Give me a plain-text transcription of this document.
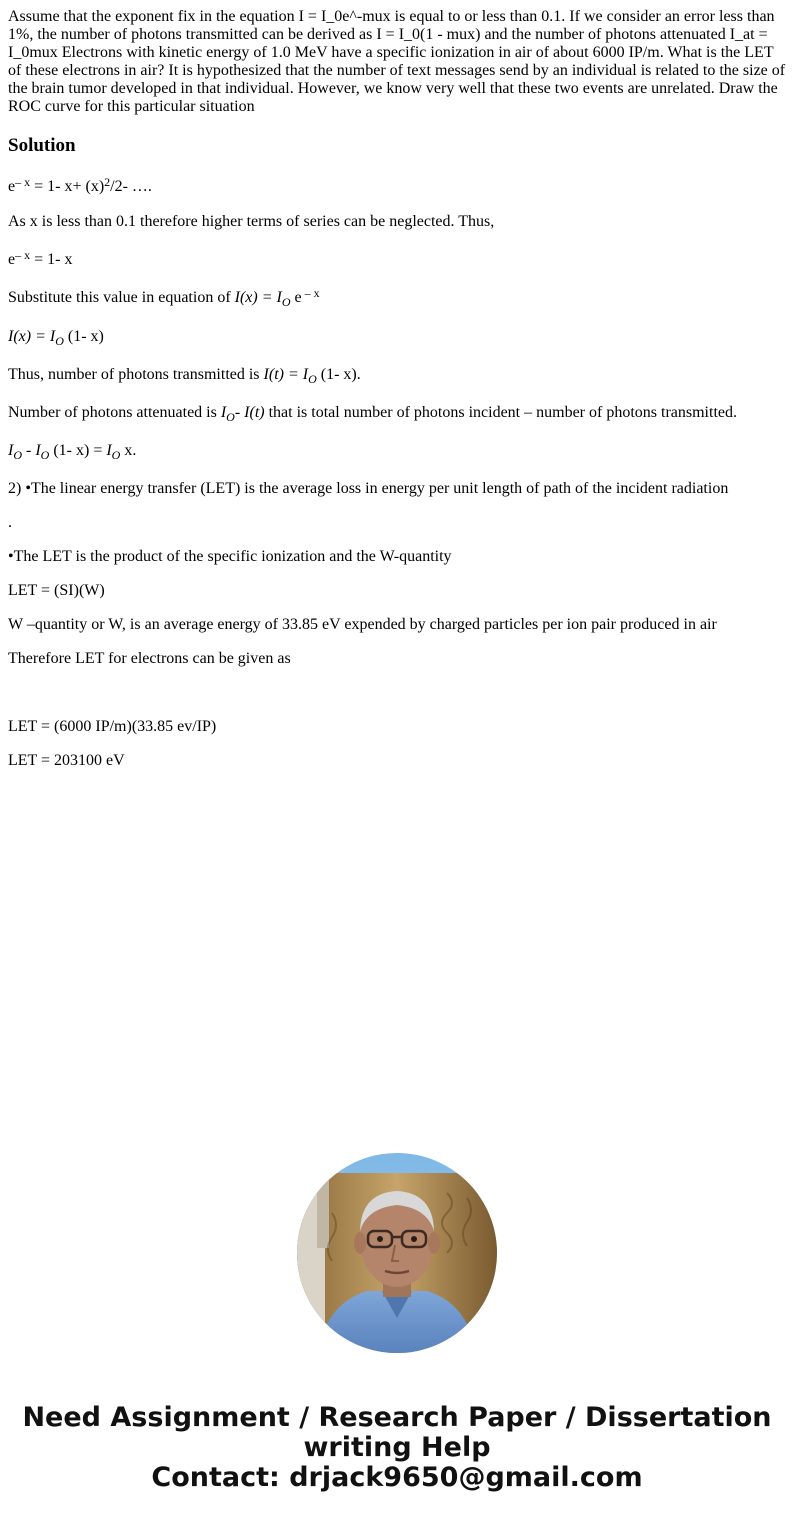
Assume that the exponent fix in the equation I = I_0e^-mux is equal to or less than 0.1. If we consider an error less than 1%, the number of photons transmitted can be derived as I = I_0(1 - mux) and the number of photons attenuated I_at = I_0mux Electrons with kinetic energy of 1.0 MeV have a specific ionization in air of about 6000 IP/m. What is the LET of these electrons in air? It is hypothesized that the number of text messages send by an individual is related to the size of the brain tumor developed in that individual. However, we know very well that these two events are unrelated. Draw the ROC curve for this particular situation

Solution

$e^{- x} = 1-$ $x+ (x)^2/2-$ ….

As x is less than 0.1 therefore higher terms of series can be neglected. Thus,

$e^{- x} = 1-$ x

Substitute this value in equation of $I(x) = I_O$ e $^{- x}$

$I(x) = I_O$ (1- x)

Thus, number of photons transmitted is $I(t) = I_O$ (1- x).

Number of photons attenuated is $I_O-$ I(t) that is total number of photons incident – number of photons transmitted.

$I_O - I_O$ (1- $x) = I_O$ x.

2) •The linear energy transfer (LET) is the average loss in energy per unit length of path of the incident radiation

.

•The LET is the product of the specific ionization and the W-quantity

LET = (SI)(W)

W –quantity or W, is an average energy of 33.85 eV expended by charged particles per ion pair produced in air

Therefore LET for electrons can be given as

LET = (6000 IP/m)(33.85 ev/IP)

LET = 203100 eV

Need Assignment / Research Paper / Dissertation
writing Help
Contact: drjack9650@gmail.com
